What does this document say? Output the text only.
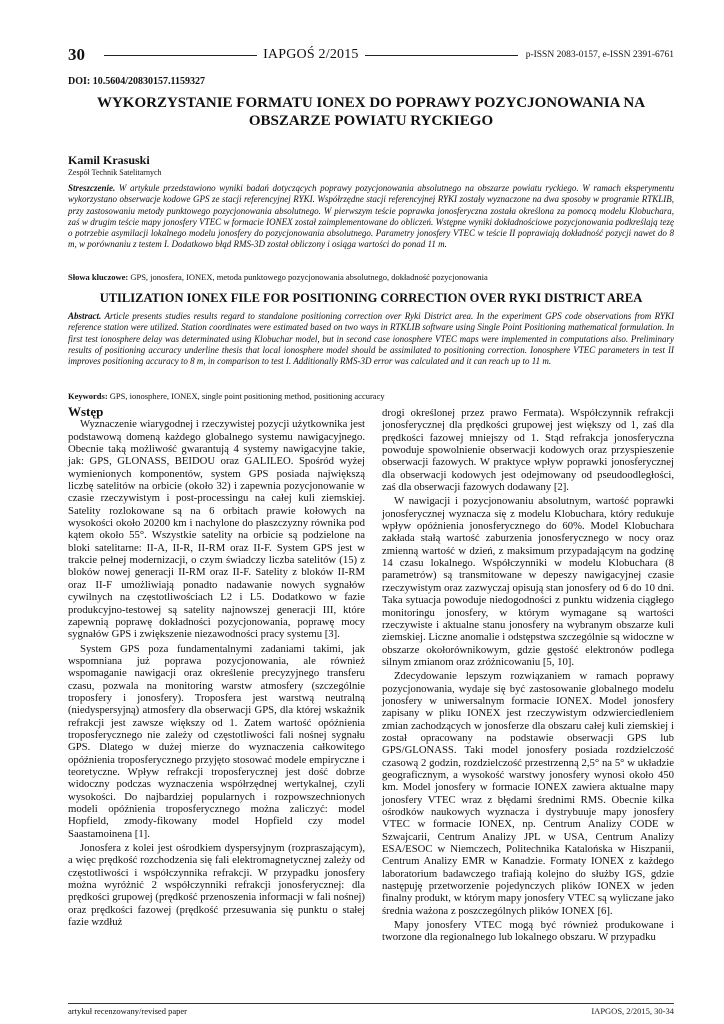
30	IAPGOŚ 2/2015	p-ISSN 2083-0157, e-ISSN 2391-6761
DOI: 10.5604/20830157.1159327
WYKORZYSTANIE FORMATU IONEX DO POPRAWY POZYCJONOWANIA NA OBSZARZE POWIATU RYCKIEGO
Kamil Krasuski
Zespół Technik Satelitarnych
Streszczenie. W artykule przedstawiono wyniki badań dotyczących poprawy pozycjonowania absolutnego na obszarze powiatu ryckiego. W ramach eksperymentu wykorzystano obserwacje kodowe GPS ze stacji referencyjnej RYKI. Współrzędne stacji referencyjnej RYKI zostały wyznaczone na dwa sposoby w programie RTKLIB, przy zastosowaniu metody punktowego pozycjonowania absolutnego. W pierwszym teście poprawka jonosferyczna została określona za pomocą modelu Klobuchara, zaś w drugim teście mapy jonosfery VTEC w formacie IONEX został zaimplementowane do obliczeń. Wstępne wyniki dokładnościowe pozycjonowania podkreślają tezę o potrzebie asymilacji lokalnego modelu jonosfery do pozycjonowania absolutnego. Parametry jonosfery VTEC w teście II poprawiają dokładność pozycji nawet do 8 m, w porównaniu z testem I. Dodatkowo błąd RMS-3D został obliczony i osiąga wartości do ponad 11 m.
Słowa kluczowe: GPS, jonosfera, IONEX, metoda punktowego pozycjonowania absolutnego, dokładność pozycjonowania
UTILIZATION IONEX FILE FOR POSITIONING CORRECTION OVER RYKI DISTRICT AREA
Abstract. Article presents studies results regard to standalone positioning correction over Ryki District area. In the experiment GPS code observations from RYKI reference station were utilized. Station coordinates were estimated based on two ways in RTKLIB software using Single Point Positioning mathematical formulation. In first test ionosphere delay was determinated using Klobuchar model, but in second case ionosphere VTEC maps were implemented in computations also. Preliminary results of positioning accuracy underline thesis that local ionosphere model should be assimilated to positioning correction. Ionosphere VTEC parameters in test II improves positioning accuracy to 8 m, in comparison to test I. Additionally RMS-3D error was calculated and it can reach up to 11 m.
Keywords: GPS, ionosphere, IONEX, single point positioning method, positioning accuracy

Wstęp

Wyznaczenie wiarygodnej i rzeczywistej pozycji użytkownika jest podstawową domeną każdego globalnego systemu nawigacyjnego. Obecnie taką możliwość gwarantują 4 systemy nawigacyjne takie, jak: GPS, GLONASS, BEIDOU oraz GALILEO. Spośród wyżej wymienionych komponentów, system GPS posiada największą liczbę satelitów na orbicie (około 32) i zapewnia pozycjonowanie w czasie rzeczywistym i post-processingu na całej kuli ziemskiej. Satelity rozlokowane są na 6 orbitach prawie kołowych na wysokości około 20200 km i nachylone do płaszczyzny równika pod kątem około 55°. Wszystkie satelity na orbicie są podzielone na bloki satelitarne: II-A, II-R, II-RM oraz II-F. System GPS jest w trakcie pełnej modernizacji, o czym świadczy liczba satelitów (15) z bloków nowej generacji II-RM oraz II-F. Satelity z bloków II-RM oraz II-F umożliwiają ponadto nadawanie nowych sygnałów cywilnych na częstotliwościach L2 i L5. Dodatkowo w fazie produkcyjno-testowej są satelity najnowszej generacji III, które zapewnią poprawę dokładności pozycjonowania, poprawę mocy sygnałów GPS i zwiększenie niezawodności pracy systemu [3].

System GPS poza fundamentalnymi zadaniami takimi, jak wspomniana już poprawa pozycjonowania, ale również wspomaganie nawigacji oraz określenie precyzyjnego transferu czasu, pozwala na monitoring warstw atmosfery (szczególnie troposfery i jonosfery). Troposfera jest warstwą neutralną (niedyspersyjną) atmosfery dla obserwacji GPS, dla której wskaźnik refrakcji jest zawsze większy od 1. Zatem wartość opóźnienia troposferycznego nie zależy od częstotliwości fali nośnej sygnału GPS. Dlatego w dużej mierze do wyznaczenia całkowitego opóźnienia troposferycznego przyjęto stosować modele empiryczne i teoretyczne. Wpływ refrakcji troposferycznej jest dość dobrze widoczny podczas wyznaczenia współrzędnej wertykalnej, czyli wysokości. Do najbardziej popularnych i rozpowszechnionych modeli opóźnienia troposferycznego można zaliczyć: model Hopfield, zmody-fikowany model Hopfield czy model Saastamoinena [1].

Jonosfera z kolei jest ośrodkiem dyspersyjnym (rozpraszającym), a więc prędkość rozchodzenia się fali elektromagnetycznej zależy od częstotliwości i współczynnika refrakcji. W przypadku jonosfery można wyróżnić 2 współczynniki refrakcji jonosferycznej: dla prędkości grupowej (prędkość przenoszenia informacji w fali nośnej) oraz prędkości fazowej (prędkość przesuwania się punktu o stałej fazie wzdłuż

drogi określonej przez prawo Fermata). Współczynnik refrakcji jonosferycznej dla prędkości grupowej jest większy od 1, zaś dla prędkości fazowej mniejszy od 1. Stąd refrakcja jonosferyczna powoduje spowolnienie obserwacji kodowych oraz przyspieszenie obserwacji fazowych. W praktyce wpływ poprawki jonosferycznej dla obserwacji kodowych jest odejmowany od pseudoodległości, zaś dla obserwacji fazowych dodawany [2].

W nawigacji i pozycjonowaniu absolutnym, wartość poprawki jonosferycznej wyznacza się z modelu Klobuchara, który redukuje wpływ opóźnienia jonosferycznego do 60%. Model Klobuchara zakłada stałą wartość zaburzenia jonosferycznego w nocy oraz zmienną wartość w dzień, z maksimum przypadającym na godzinę 14 czasu lokalnego. Współczynniki w modelu Klobuchara (8 parametrów) są transmitowane w depeszy nawigacyjnej czasie rzeczywistym oraz zazwyczaj opisują stan jonosfery od 6 do 10 dni. Taka sytuacja powoduje niedogodności z punktu widzenia ciągłego monitoringu jonosfery, w którym wymagane są wartości rzeczywiste i aktualne stanu jonosfery na wybranym obszarze kuli ziemskiej. Liczne anomalie i odstępstwa szczególnie są widoczne w obszarze okołorównikowym, gdzie gęstość elektronów podlega silnym zmianom oraz zróżnicowaniu [5, 10].

Zdecydowanie lepszym rozwiązaniem w ramach poprawy pozycjonowania, wydaje się być zastosowanie globalnego modelu jonosfery w uniwersalnym formacie IONEX. Model jonosfery zapisany w pliku IONEX jest rzeczywistym odzwierciedleniem zmian zachodzących w jonosferze dla obszaru całej kuli ziemskiej i został opracowany na podstawie obserwacji GPS lub GPS/GLONASS. Taki model jonosfery posiada rozdzielczość czasową 2 godzin, rozdzielczość przestrzenną 2,5° na 5° w układzie geograficznym, a wysokość warstwy jonosfery wynosi około 450 km. Model jonosfery w formacie IONEX zawiera aktualne mapy jonosfery VTEC wraz z błędami średnimi RMS. Obecnie kilka ośrodków naukowych wyznacza i dystrybuuje mapy jonosfery VTEC w formacie IONEX, np. Centrum Analizy CODE w Szwajcarii, Centrum Analizy JPL w USA, Centrum Analizy ESA/ESOC w Niemczech, Politechnika Katalońska w Hiszpanii, Centrum Analizy EMR w Kanadzie. Formaty IONEX z każdego laboratorium badawczego trafiają kolejno do służby IGS, gdzie następuję przetworzenie pojedynczych plików IONEX w jeden finalny produkt, w którym mapy jonosfery VTEC są wyliczane jako średnia ważona z poszczególnych plików IONEX [6].

Mapy jonosfery VTEC mogą być również produkowane i tworzone dla regionalnego lub lokalnego obszaru. W przypadku

artykuł recenzowany/revised paper	IAPGOS, 2/2015, 30-34
